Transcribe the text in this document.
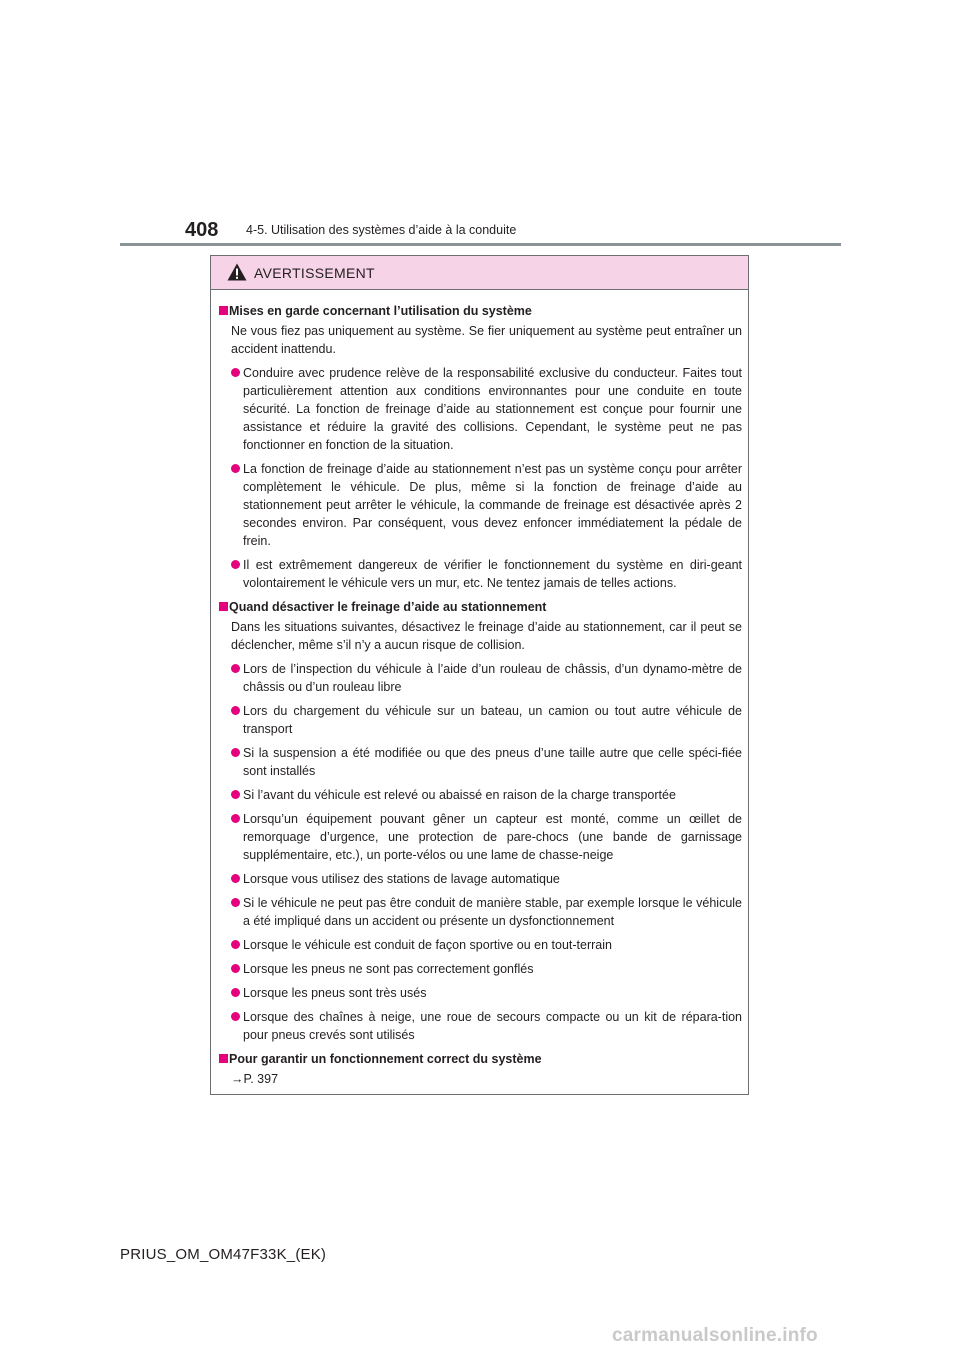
408 4-5. Utilisation des systèmes d’aide à la conduite
AVERTISSEMENT
Mises en garde concernant l’utilisation du système
Ne vous fiez pas uniquement au système. Se fier uniquement au système peut entraîner un accident inattendu.
Conduire avec prudence relève de la responsabilité exclusive du conducteur. Faites tout particulièrement attention aux conditions environnantes pour une conduite en toute sécurité. La fonction de freinage d’aide au stationnement est conçue pour fournir une assistance et réduire la gravité des collisions. Cependant, le système peut ne pas fonctionner en fonction de la situation.
La fonction de freinage d’aide au stationnement n’est pas un système conçu pour arrêter complètement le véhicule. De plus, même si la fonction de freinage d’aide au stationnement peut arrêter le véhicule, la commande de freinage est désactivée après 2 secondes environ. Par conséquent, vous devez enfoncer immédiatement la pédale de frein.
Il est extrêmement dangereux de vérifier le fonctionnement du système en diri-geant volontairement le véhicule vers un mur, etc. Ne tentez jamais de telles actions.
Quand désactiver le freinage d’aide au stationnement
Dans les situations suivantes, désactivez le freinage d’aide au stationnement, car il peut se déclencher, même s’il n’y a aucun risque de collision.
Lors de l’inspection du véhicule à l’aide d’un rouleau de châssis, d’un dynamo-mètre de châssis ou d’un rouleau libre
Lors du chargement du véhicule sur un bateau, un camion ou tout autre véhicule de transport
Si la suspension a été modifiée ou que des pneus d’une taille autre que celle spéci-fiée sont installés
Si l’avant du véhicule est relevé ou abaissé en raison de la charge transportée
Lorsqu’un équipement pouvant gêner un capteur est monté, comme un œillet de remorquage d’urgence, une protection de pare-chocs (une bande de garnissage supplémentaire, etc.), un porte-vélos ou une lame de chasse-neige
Lorsque vous utilisez des stations de lavage automatique
Si le véhicule ne peut pas être conduit de manière stable, par exemple lorsque le véhicule a été impliqué dans un accident ou présente un dysfonctionnement
Lorsque le véhicule est conduit de façon sportive ou en tout-terrain
Lorsque les pneus ne sont pas correctement gonflés
Lorsque les pneus sont très usés
Lorsque des chaînes à neige, une roue de secours compacte ou un kit de répara-tion pour pneus crevés sont utilisés
Pour garantir un fonctionnement correct du système
→P. 397
PRIUS_OM_OM47F33K_(EK)
carmanualsonline.info
